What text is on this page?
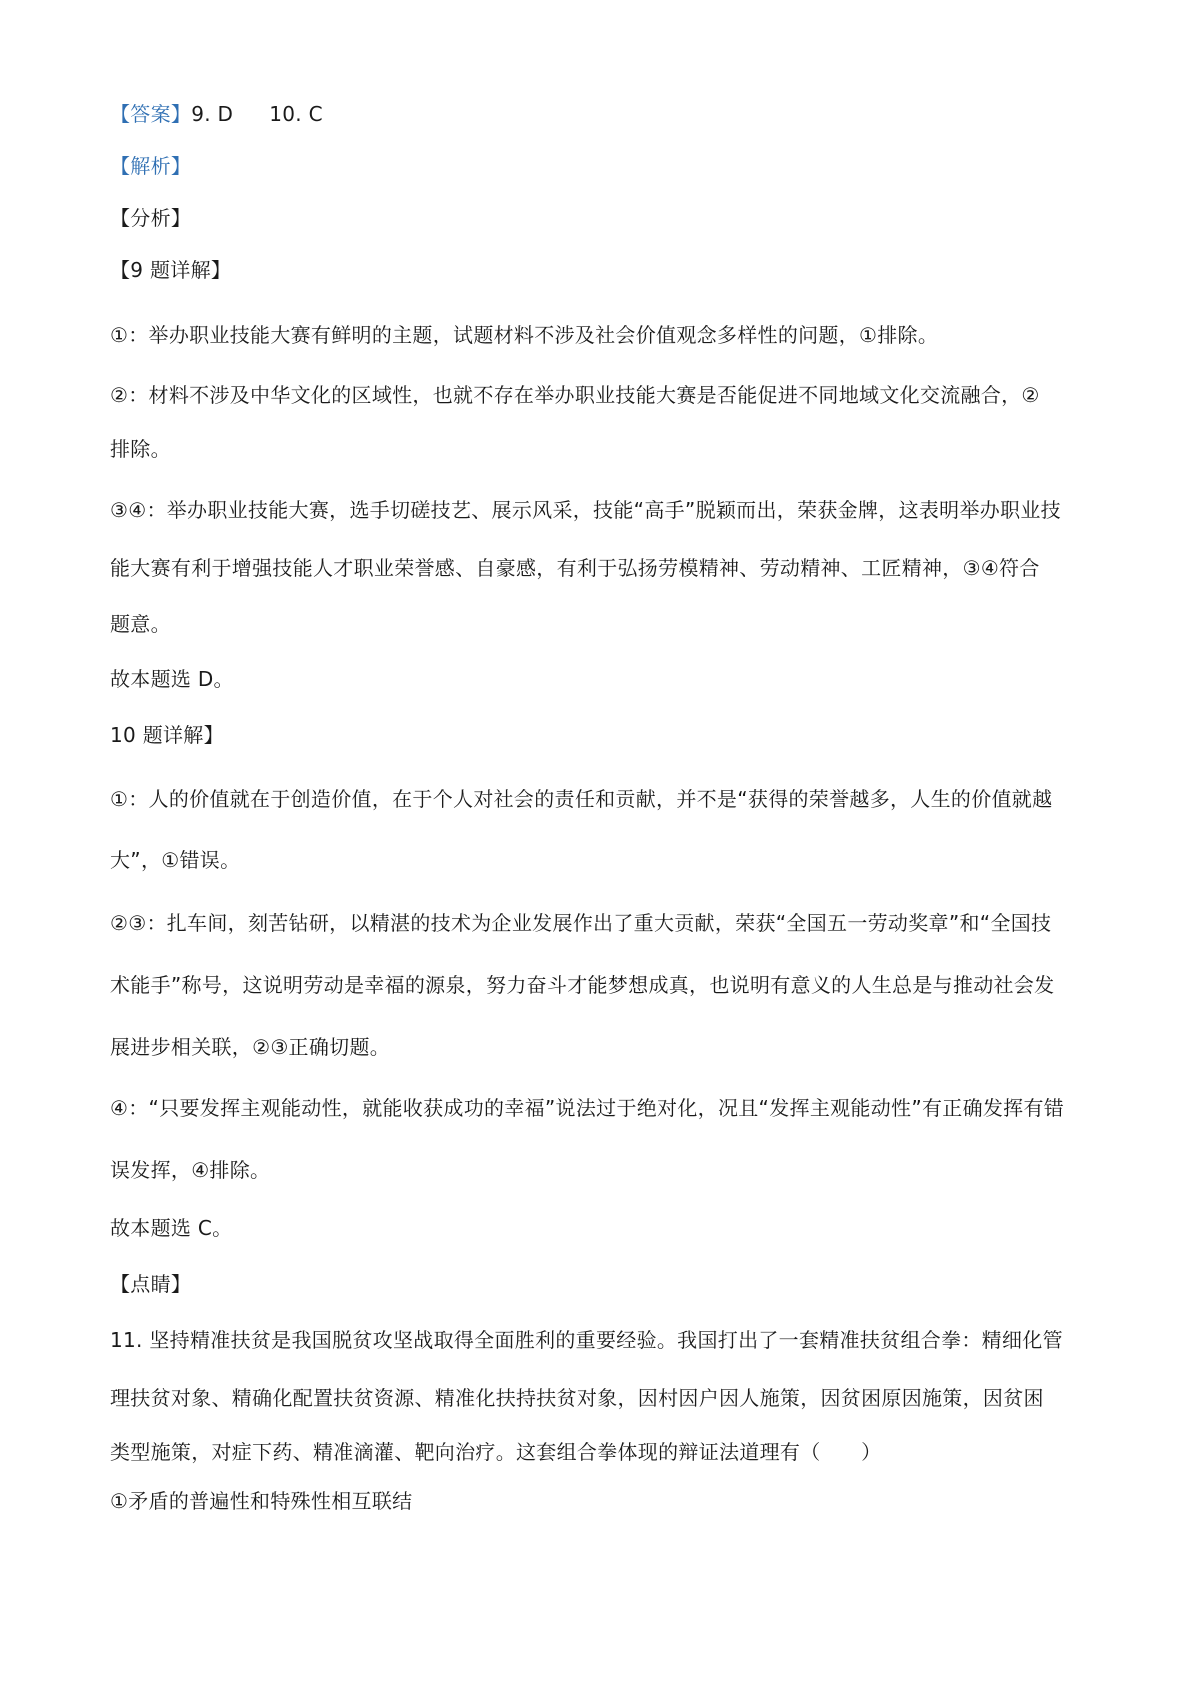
【答案】9. D 10. C
【解析】
【分析】
【9 题详解】
①：举办职业技能大赛有鲜明的主题，试题材料不涉及社会价值观念多样性的问题，①排除。
②：材料不涉及中华文化的区域性，也就不存在举办职业技能大赛是否能促进不同地域文化交流融合，②
排除。
③④：举办职业技能大赛，选手切磋技艺、展示风采，技能“高手”脱颖而出，荣获金牌，这表明举办职业技
能大赛有利于增强技能人才职业荣誉感、自豪感，有利于弘扬劳模精神、劳动精神、工匠精神，③④符合
题意。
故本题选 D。
10 题详解】
①：人的价值就在于创造价值，在于个人对社会的责任和贡献，并不是“获得的荣誉越多，人生的价值就越
大”，①错误。
②③：扎车间，刻苦钻研，以精湛的技术为企业发展作出了重大贡献，荣获“全国五一劳动奖章”和“全国技
术能手”称号，这说明劳动是幸福的源泉，努力奋斗才能梦想成真，也说明有意义的人生总是与推动社会发
展进步相关联，②③正确切题。
④：“只要发挥主观能动性，就能收获成功的幸福”说法过于绝对化，况且“发挥主观能动性”有正确发挥有错
误发挥，④排除。
故本题选 C。
【点睛】
11. 坚持精准扶贫是我国脱贫攻坚战取得全面胜利的重要经验。我国打出了一套精准扶贫组合拳：精细化管
理扶贫对象、精确化配置扶贫资源、精准化扶持扶贫对象，因村因户因人施策，因贫困原因施策，因贫困
类型施策，对症下药、精准滴灌、靶向治疗。这套组合拳体现的辩证法道理有（　　）
①矛盾的普遍性和特殊性相互联结
